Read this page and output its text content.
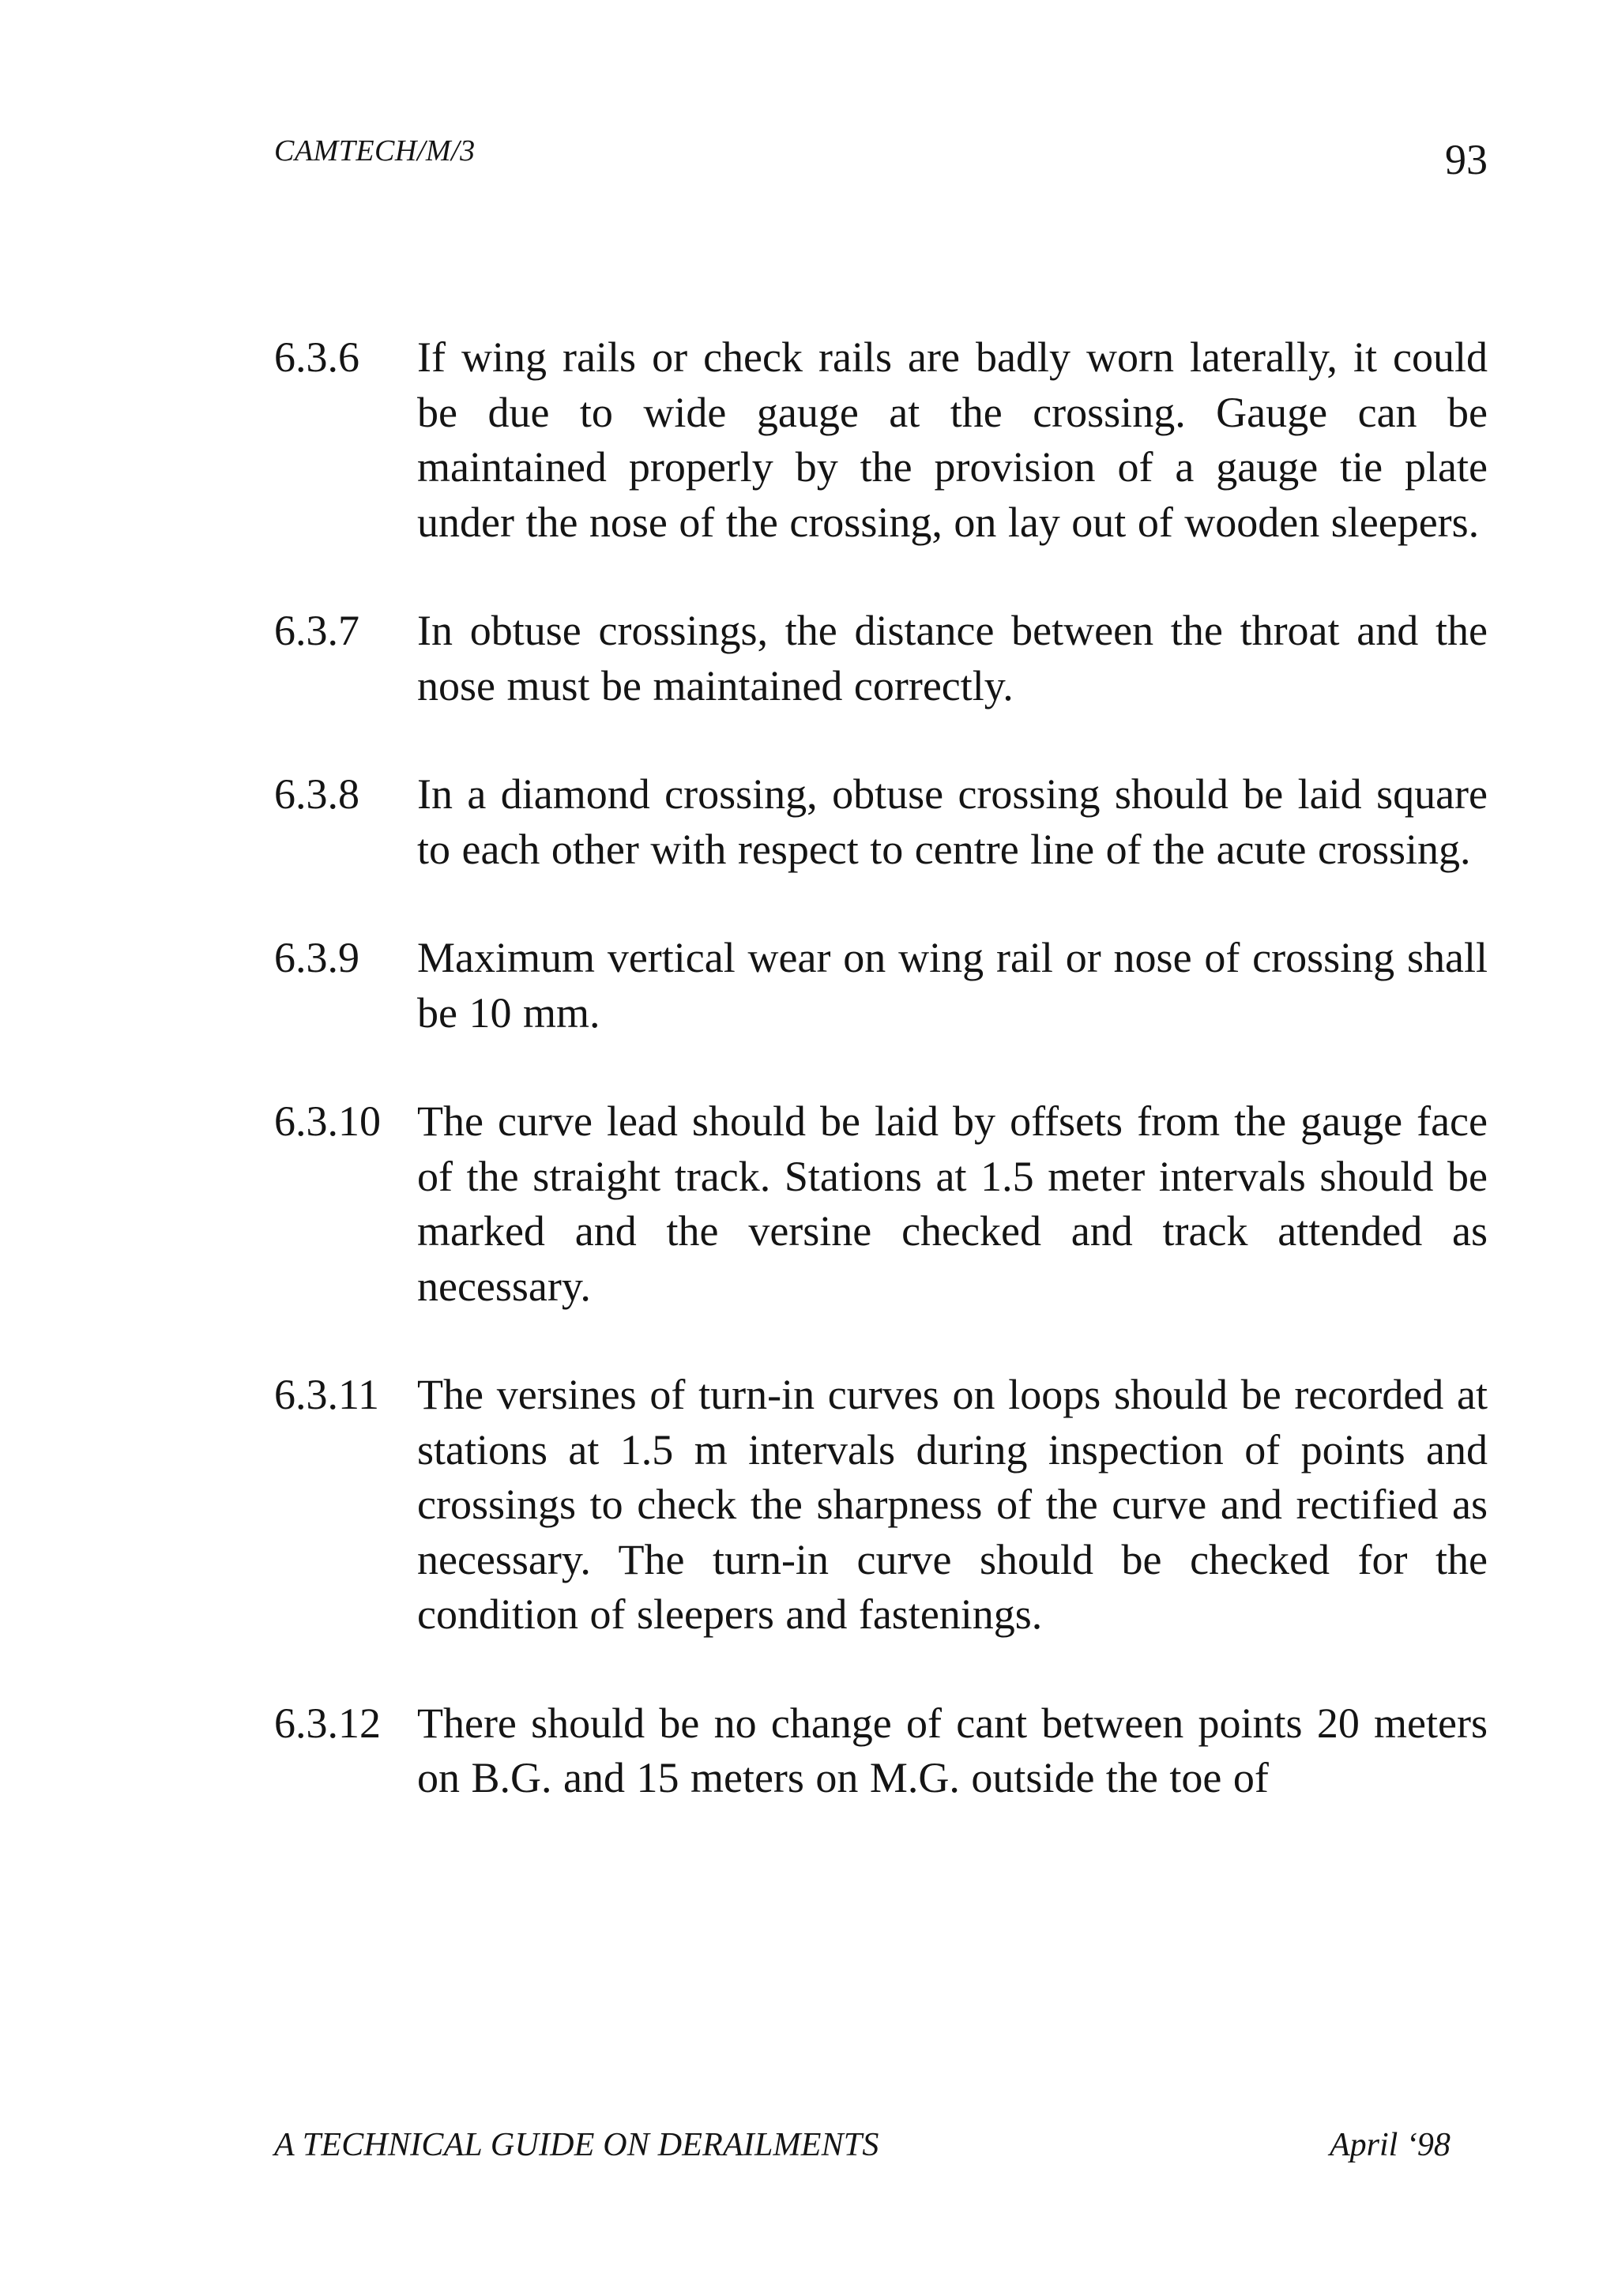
CAMTECH/M/3	93
6.3.6	If wing rails or check rails are badly worn laterally, it could be due to wide gauge at the crossing. Gauge can be maintained properly by the provision of a gauge tie plate under the nose of the crossing, on lay out of wooden sleepers.
6.3.7	In obtuse crossings, the distance between the throat and the nose must be maintained correctly.
6.3.8	In a diamond crossing, obtuse crossing should be laid square to each other with respect to centre line of the acute crossing.
6.3.9	Maximum vertical wear on wing rail or nose of crossing shall be 10 mm.
6.3.10 The curve lead should be laid by offsets from the gauge face of the straight track. Stations at 1.5 meter intervals should be marked and the versine checked and track attended as necessary.
6.3.11 The versines of turn-in curves on loops should be recorded at stations at 1.5 m intervals during inspection of points and crossings to check the sharpness of the curve and rectified as necessary. The turn-in curve should be checked for the condition of sleepers and fastenings.
6.3.12 There should be no change of cant between points 20 meters on B.G. and 15 meters on M.G. outside the toe of
A TECHNICAL GUIDE ON DERAILMENTS	April ‘98
